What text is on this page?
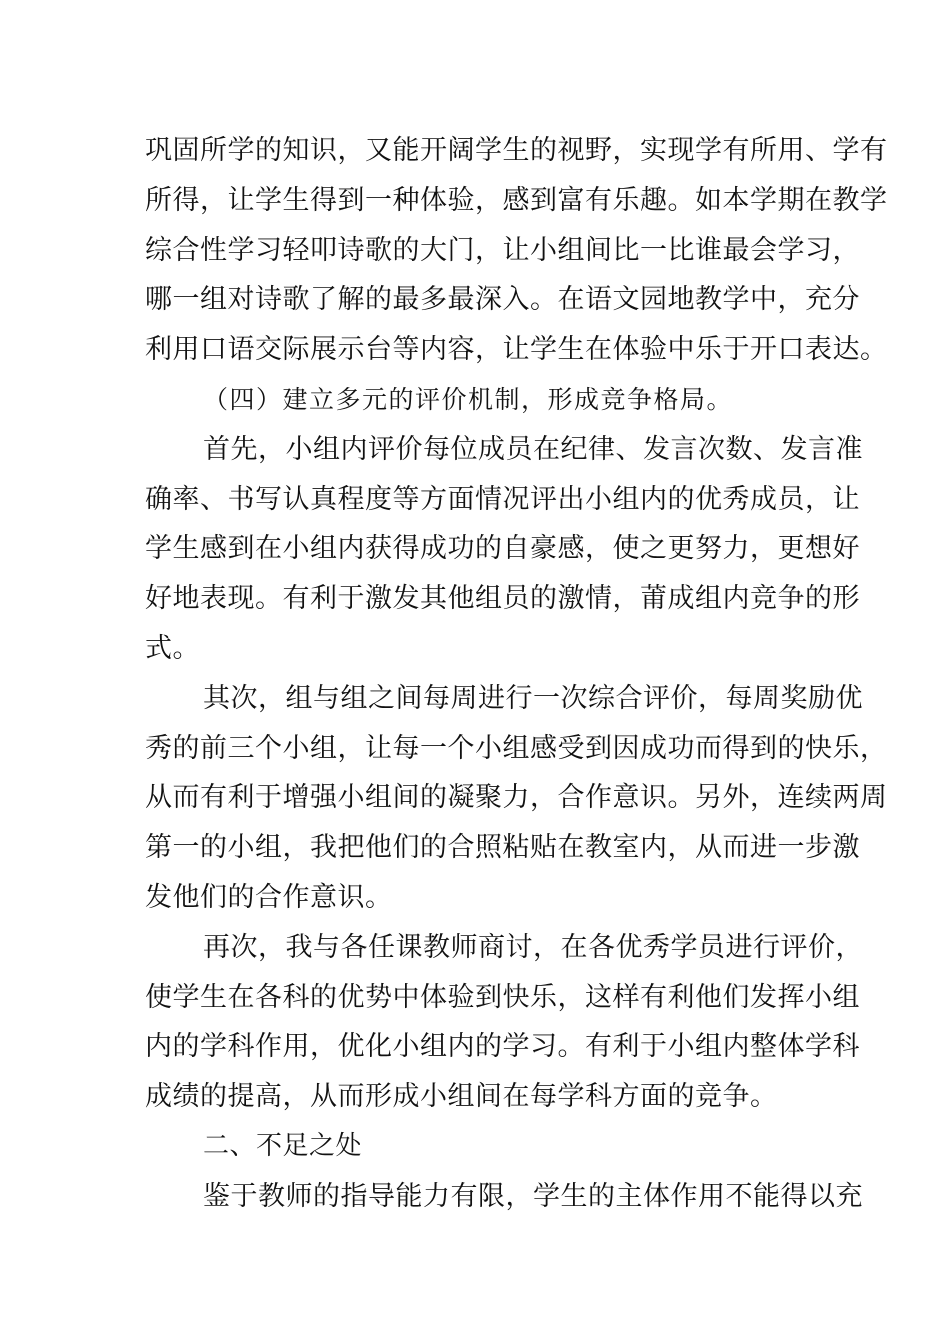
巩固所学的知识，又能开阔学生的视野，实现学有所用、学有
所得，让学生得到一种体验，感到富有乐趣。如本学期在教学
综合性学习轻叩诗歌的大门，让小组间比一比谁最会学习，
哪一组对诗歌了解的最多最深入。在语文园地教学中，充分
利用口语交际展示台等内容，让学生在体验中乐于开口表达。
（四）建立多元的评价机制，形成竞争格局。
首先，小组内评价每位成员在纪律、发言次数、发言准
确率、书写认真程度等方面情况评出小组内的优秀成员，让
学生感到在小组内获得成功的自豪感，使之更努力，更想好
好地表现。有利于激发其他组员的激情，莆成组内竞争的形
式。
其次，组与组之间每周进行一次综合评价，每周奖励优
秀的前三个小组，让每一个小组感受到因成功而得到的快乐，
从而有利于增强小组间的凝聚力，合作意识。另外，连续两周
第一的小组，我把他们的合照粘贴在教室内，从而进一步激
发他们的合作意识。
再次，我与各任课教师商讨，在各优秀学员进行评价，
使学生在各科的优势中体验到快乐，这样有利他们发挥小组
内的学科作用，优化小组内的学习。有利于小组内整体学科
成绩的提高，从而形成小组间在每学科方面的竞争。
二、不足之处
鉴于教师的指导能力有限，学生的主体作用不能得以充
